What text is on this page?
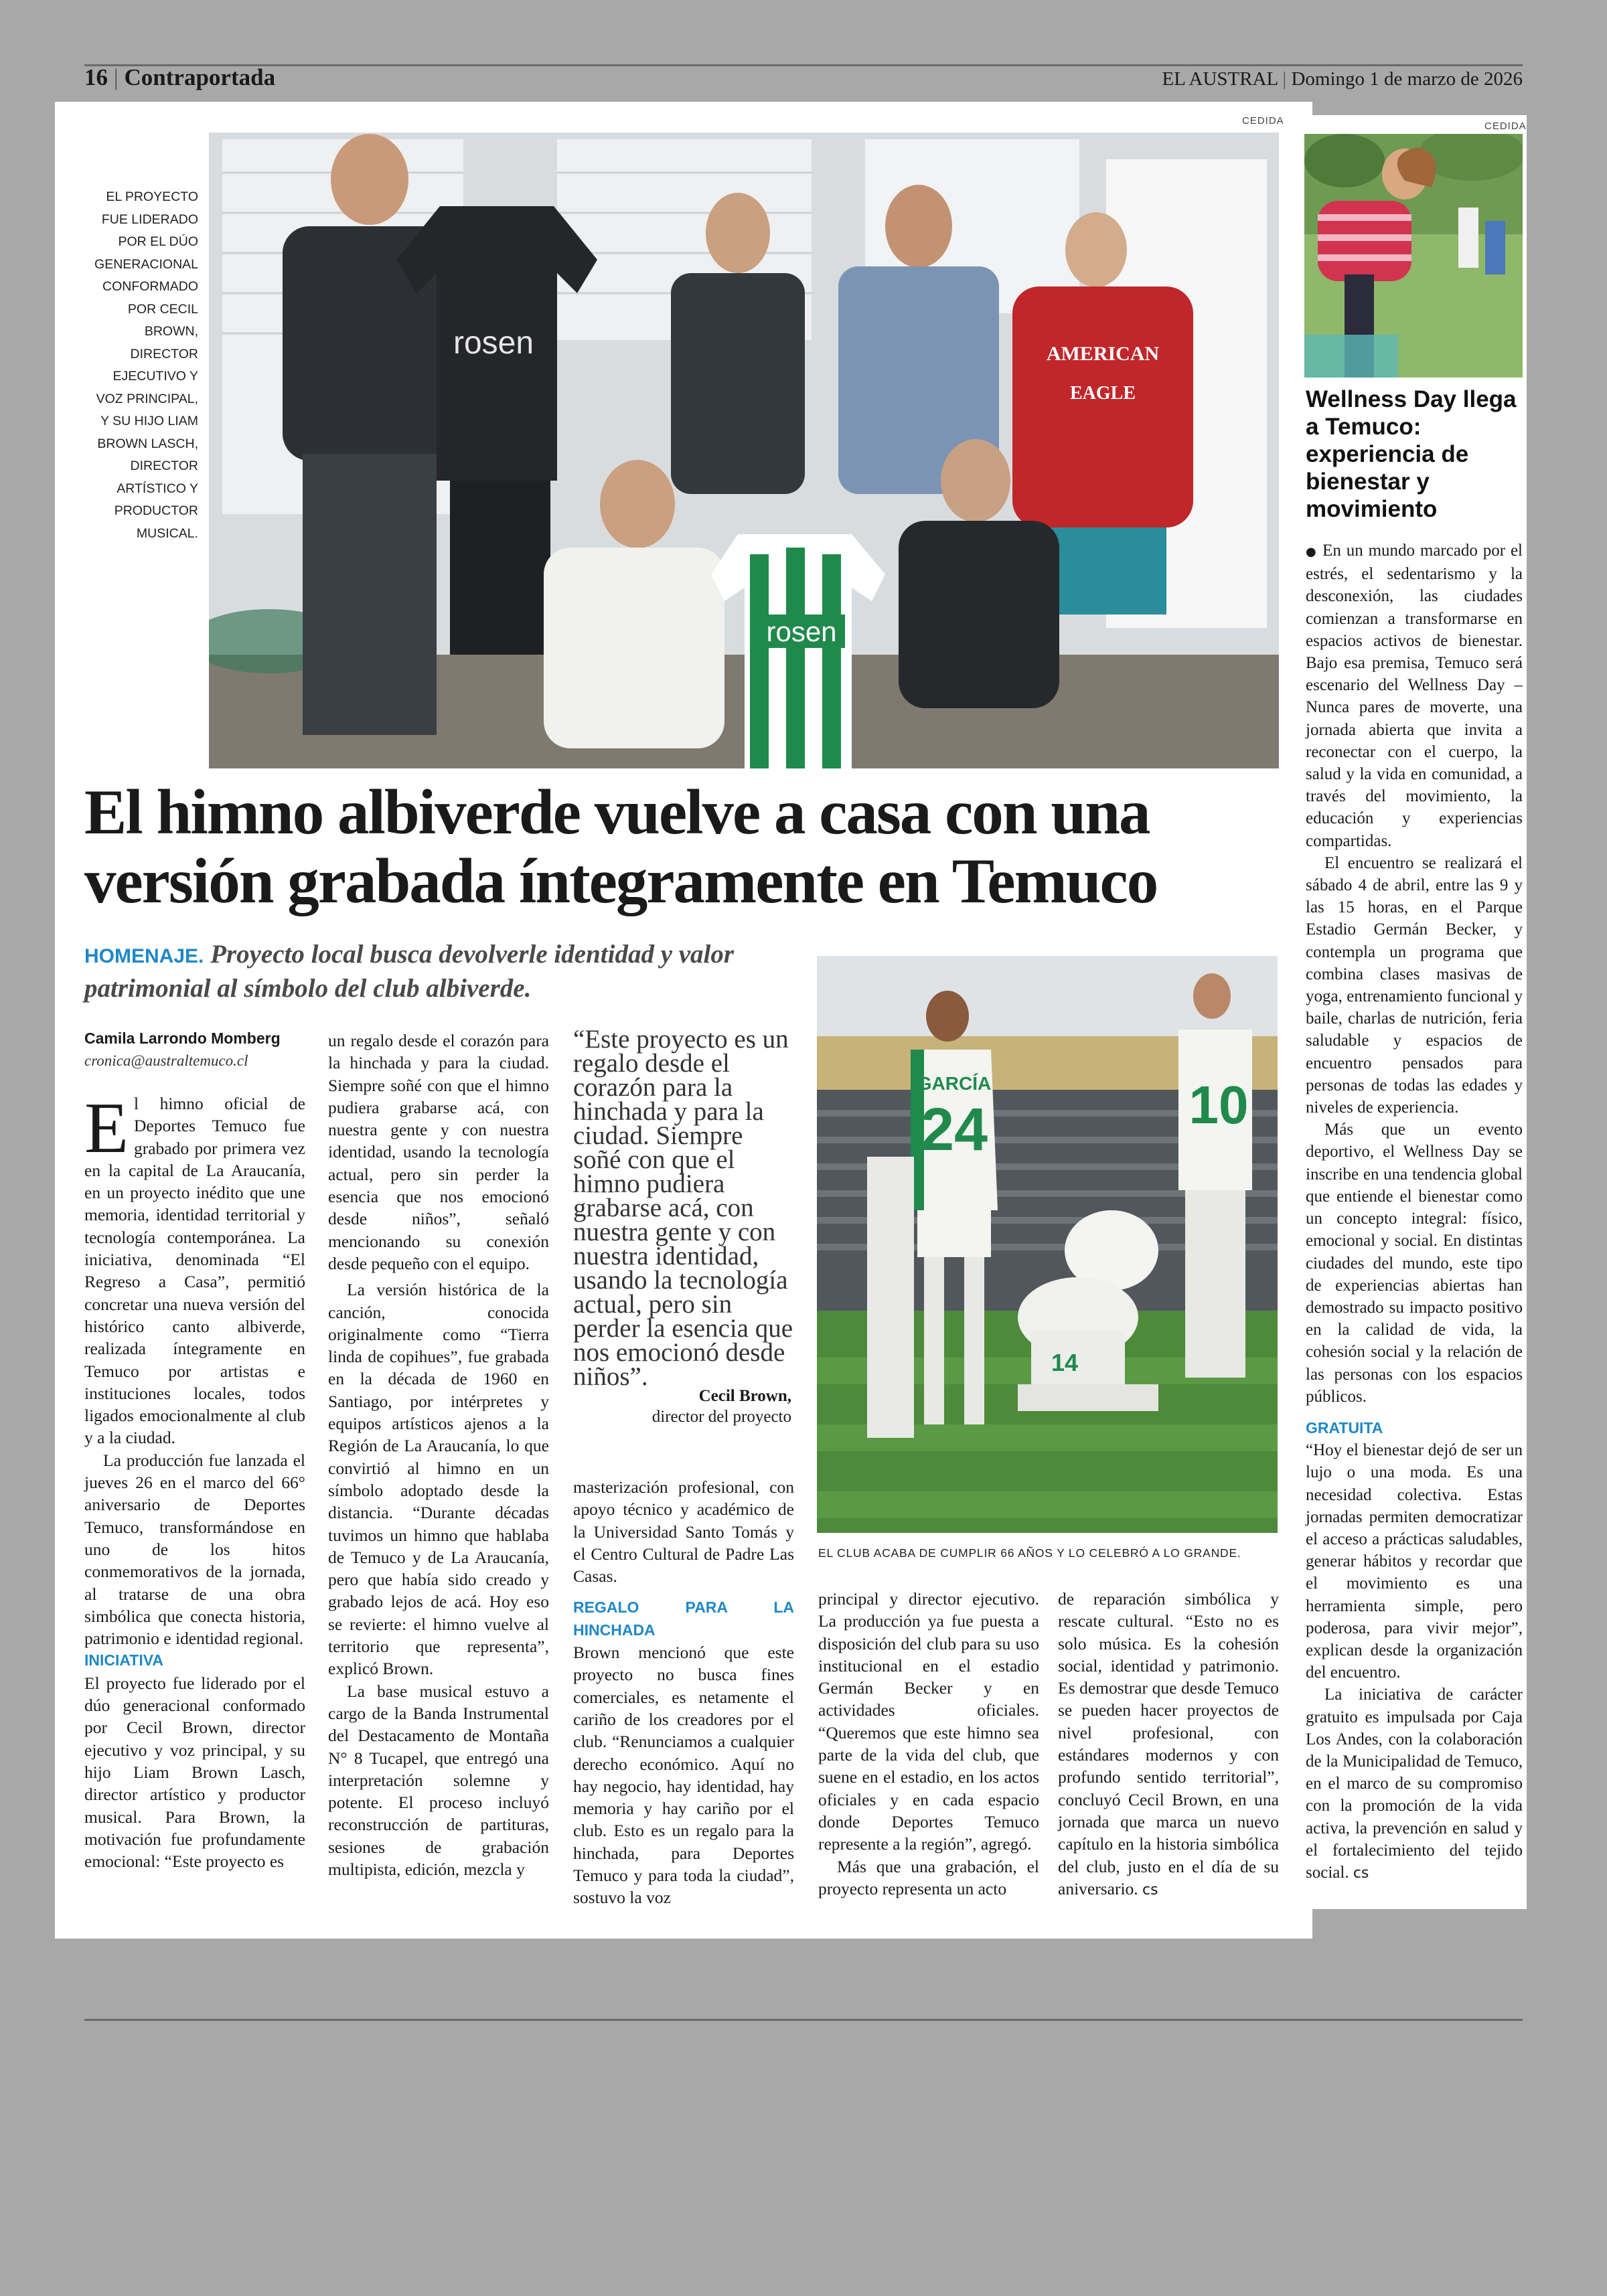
16 | Contraportada	EL AUSTRAL | Domingo 1 de marzo de 2026
CEDIDA
rosen	AMERICAN
EAGLE
rosen
EL PROYECTO FUE LIDERADO POR EL DÚO GENERACIONAL CONFORMADO POR CECIL BROWN, DIRECTOR EJECUTIVO Y VOZ PRINCIPAL, Y SU HIJO LIAM BROWN LASCH, DIRECTOR ARTÍSTICO Y PRODUCTOR MUSICAL.
El himno albiverde vuelve a casa con una versión grabada íntegramente en Temuco
HOMENAJE. Proyecto local busca devolverle identidad y valor patrimonial al símbolo del club albiverde.
Camila Larrondo Momberg
cronica@australtemuco.cl

El himno oficial de Deportes Temuco fue grabado por primera vez en la capital de La Araucanía, en un proyecto inédito que une memoria, identidad territorial y tecnología contemporánea. La iniciativa, denominada “El Regreso a Casa”, permitió concretar una nueva versión del histórico canto albiverde, realizada íntegramente en Temuco por artistas e instituciones locales, todos ligados emocionalmente al club y a la ciudad.

La producción fue lanzada el jueves 26 en el marco del 66° aniversario de Deportes Temuco, transformándose en uno de los hitos conmemorativos de la jornada, al tratarse de una obra simbólica que conecta historia, patrimonio e identidad regional.

INICIATIVA

El proyecto fue liderado por el dúo generacional conformado por Cecil Brown, director ejecutivo y voz principal, y su hijo Liam Brown Lasch, director artístico y productor musical. Para Brown, la motivación fue profundamente emocional: “Este proyecto es

un regalo desde el corazón para la hinchada y para la ciudad. Siempre soñé con que el himno pudiera grabarse acá, con nuestra gente y con nuestra identidad, usando la tecnología actual, pero sin perder la esencia que nos emocionó desde niños”, señaló mencionando su conexión desde pequeño con el equipo.

La versión histórica de la canción, conocida originalmente como “Tierra linda de copihues”, fue grabada en la década de 1960 en Santiago, por intérpretes y equipos artísticos ajenos a la Región de La Araucanía, lo que convirtió al himno en un símbolo adoptado desde la distancia. “Durante décadas tuvimos un himno que hablaba de Temuco y de La Araucanía, pero que había sido creado y grabado lejos de acá. Hoy eso se revierte: el himno vuelve al territorio que representa”, explicó Brown.

La base musical estuvo a cargo de la Banda Instrumental del Destacamento de Montaña N° 8 Tucapel, que entregó una interpretación solemne y potente. El proceso incluyó reconstrucción de partituras, sesiones de grabación multipista, edición, mezcla y

“Este proyecto es un regalo desde el corazón para la hinchada y para la ciudad. Siempre soñé con que el himno pudiera grabarse acá, con nuestra gente y con nuestra identidad, usando la tecnología actual, pero sin perder la esencia que nos emocionó desde niños”.
Cecil Brown,
director del proyecto

masterización profesional, con apoyo técnico y académico de la Universidad Santo Tomás y el Centro Cultural de Padre Las Casas.

REGALO PARA LA HINCHADA

Brown mencionó que este proyecto no busca fines comerciales, es netamente el cariño de los creadores por el club. “Renunciamos a cualquier derecho económico. Aquí no hay negocio, hay identidad, hay memoria y hay cariño por el club. Esto es un regalo para la hinchada, para Deportes Temuco y para toda la ciudad”, sostuvo la voz

GARCÍA
24	10
14
EL CLUB ACABA DE CUMPLIR 66 AÑOS Y LO CELEBRÓ A LO GRANDE.

principal y director ejecutivo. La producción ya fue puesta a disposición del club para su uso institucional en el estadio Germán Becker y en actividades oficiales. “Queremos que este himno sea parte de la vida del club, que suene en el estadio, en los actos oficiales y en cada espacio donde Deportes Temuco represente a la región”, agregó.

Más que una grabación, el proyecto representa un acto

de reparación simbólica y rescate cultural. “Esto no es solo música. Es la cohesión social, identidad y patrimonio. Es demostrar que desde Temuco se pueden hacer proyectos de nivel profesional, con estándares modernos y con profundo sentido territorial”, concluyó Cecil Brown, en una jornada que marca un nuevo capítulo en la historia simbólica del club, justo en el día de su aniversario. cs

CEDIDA
Wellness Day llega a Temuco: experiencia de bienestar y movimiento

● En un mundo marcado por el estrés, el sedentarismo y la desconexión, las ciudades comienzan a transformarse en espacios activos de bienestar. Bajo esa premisa, Temuco será escenario del Wellness Day – Nunca pares de moverte, una jornada abierta que invita a reconectar con el cuerpo, la salud y la vida en comunidad, a través del movimiento, la educación y experiencias compartidas.

El encuentro se realizará el sábado 4 de abril, entre las 9 y las 15 horas, en el Parque Estadio Germán Becker, y contempla un programa que combina clases masivas de yoga, entrenamiento funcional y baile, charlas de nutrición, feria saludable y espacios de encuentro pensados para personas de todas las edades y niveles de experiencia.

Más que un evento deportivo, el Wellness Day se inscribe en una tendencia global que entiende el bienestar como un concepto integral: físico, emocional y social. En distintas ciudades del mundo, este tipo de experiencias abiertas han demostrado su impacto positivo en la calidad de vida, la cohesión social y la relación de las personas con los espacios públicos.

GRATUITA

“Hoy el bienestar dejó de ser un lujo o una moda. Es una necesidad colectiva. Estas jornadas permiten democratizar el acceso a prácticas saludables, generar hábitos y recordar que el movimiento es una herramienta simple, pero poderosa, para vivir mejor”, explican desde la organización del encuentro.

La iniciativa de carácter gratuito es impulsada por Caja Los Andes, con la colaboración de la Municipalidad de Temuco, en el marco de su compromiso con la promoción de la vida activa, la prevención en salud y el fortalecimiento del tejido social. cs
